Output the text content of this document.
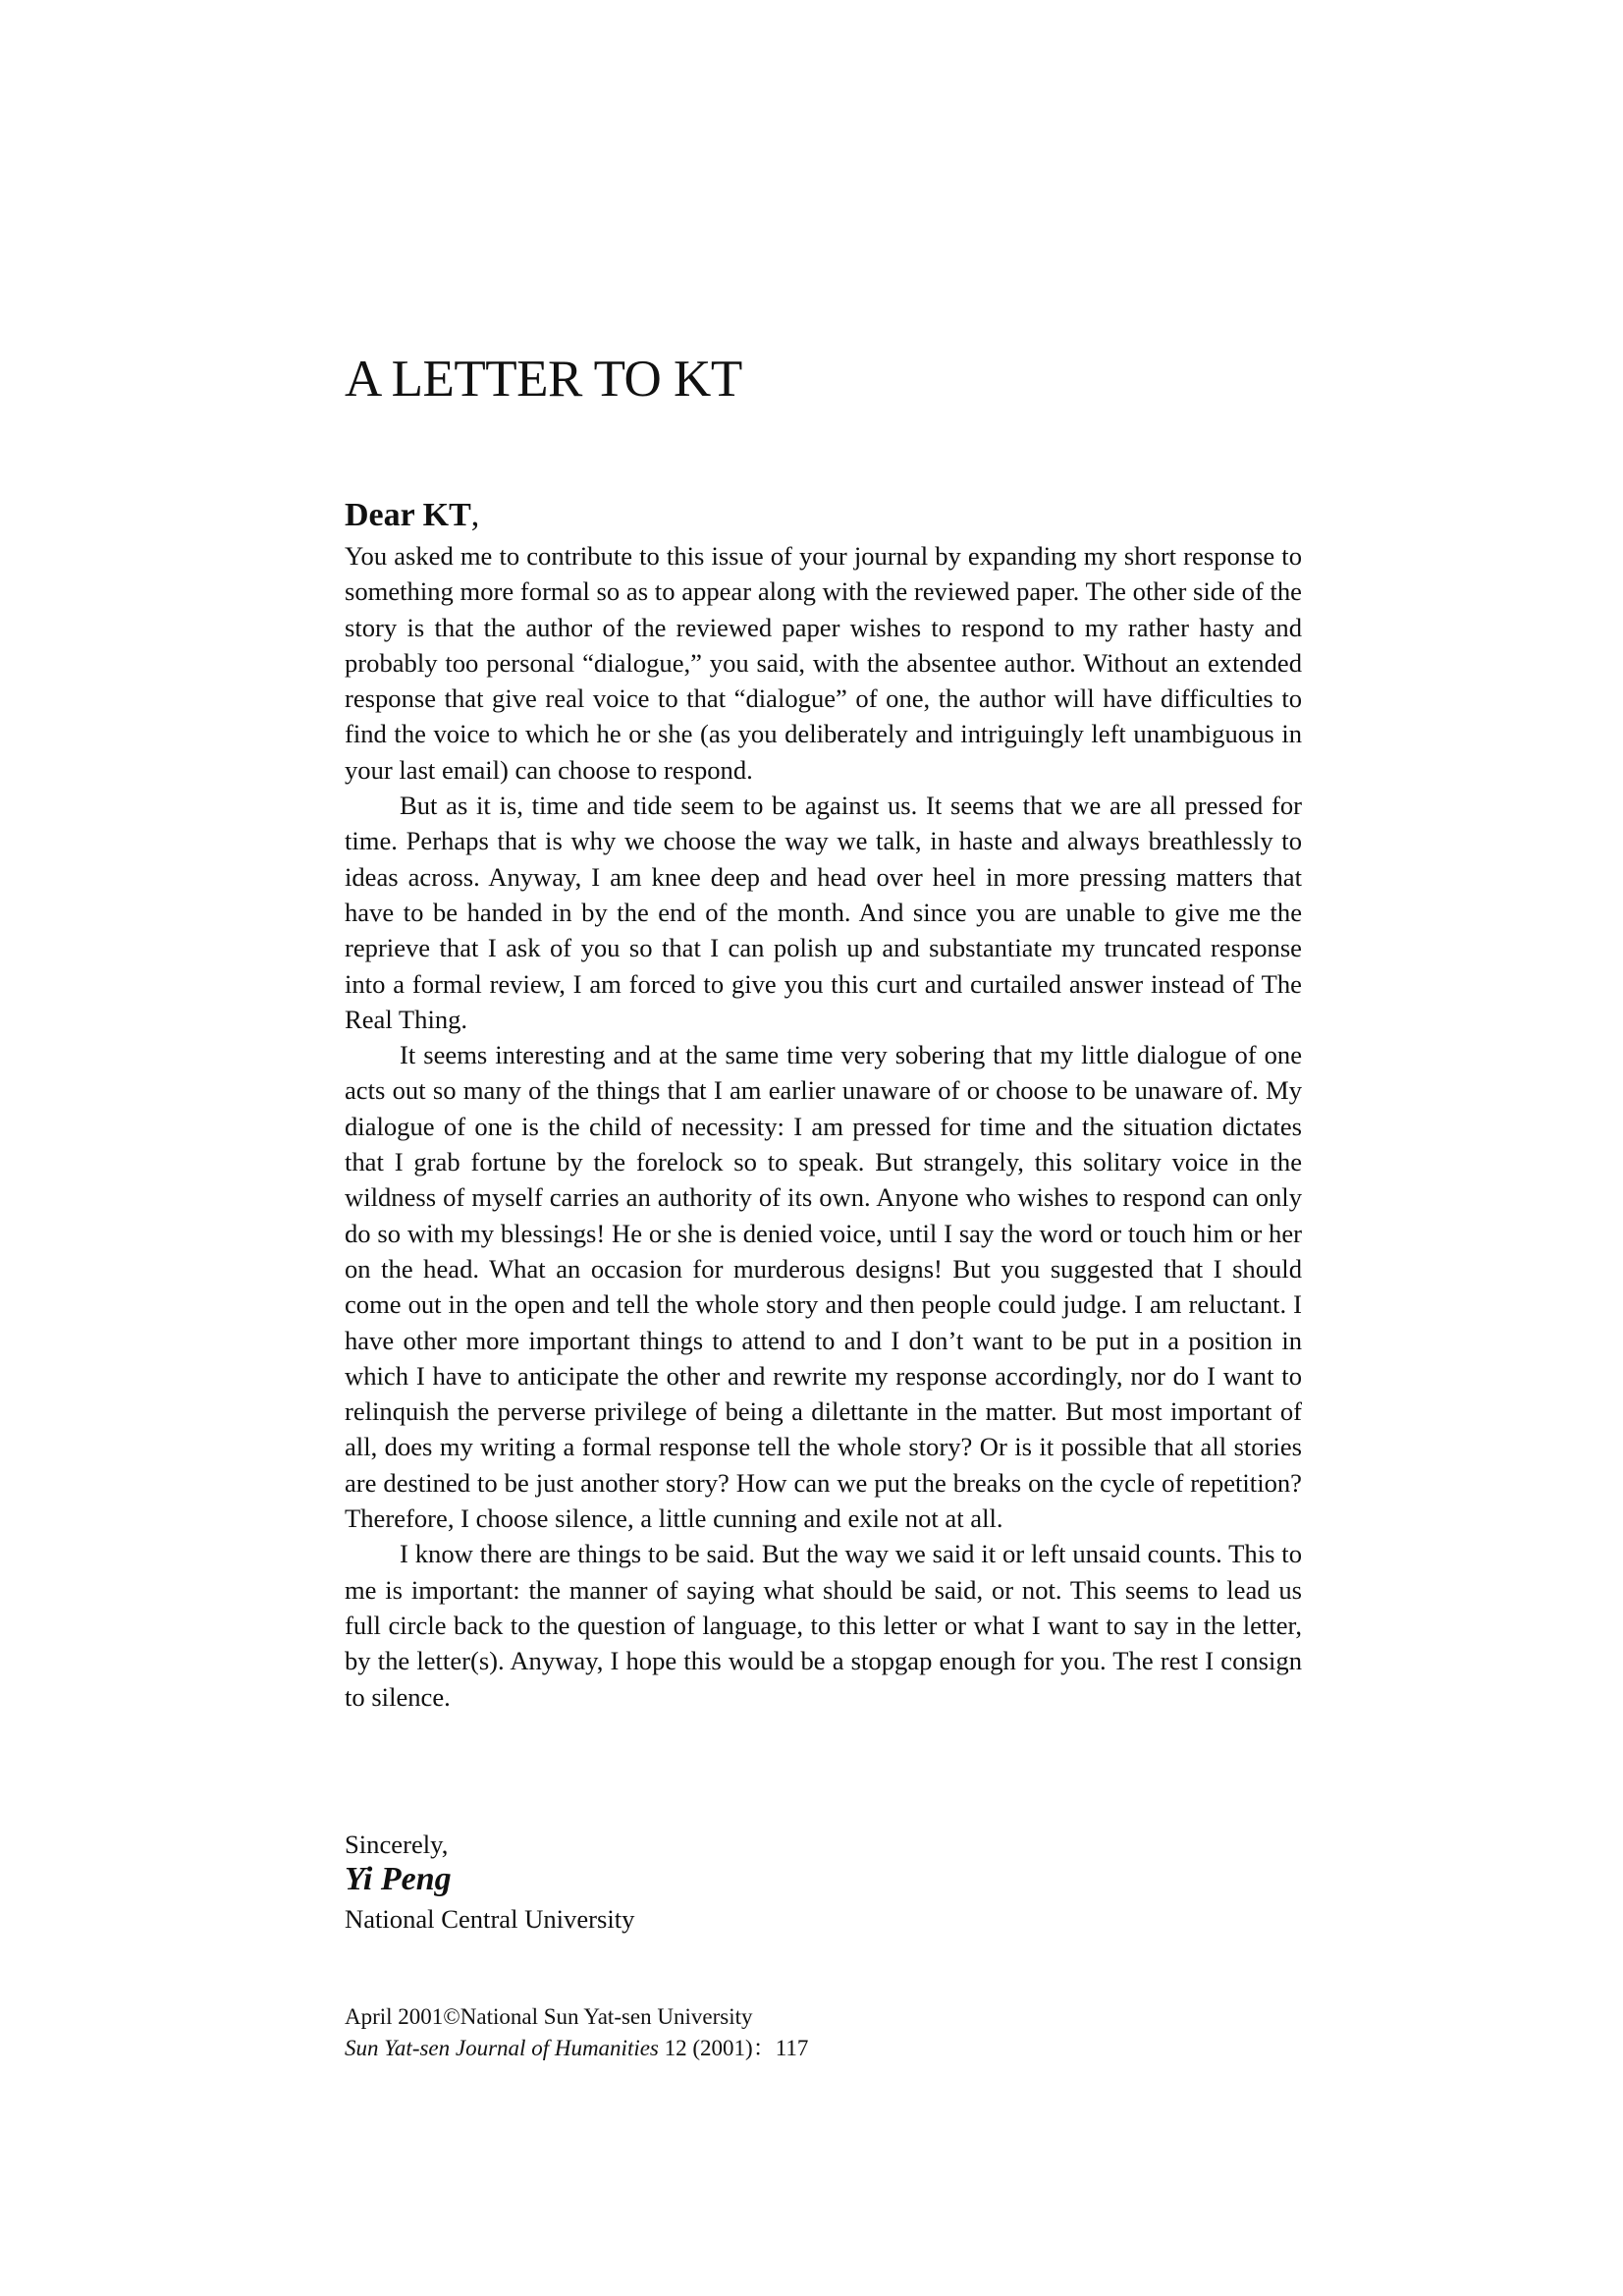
A LETTER TO KT
Dear KT,

You asked me to contribute to this issue of your journal by expanding my short response to something more formal so as to appear along with the reviewed paper. The other side of the story is that the author of the reviewed paper wishes to respond to my rather hasty and probably too personal “dialogue,” you said, with the absentee author. Without an extended response that give real voice to that “dialogue” of one, the author will have difficulties to find the voice to which he or she (as you deliberately and intriguingly left unambiguous in your last email) can choose to respond.

But as it is, time and tide seem to be against us. It seems that we are all pressed for time. Perhaps that is why we choose the way we talk, in haste and always breathlessly to ideas across. Anyway, I am knee deep and head over heel in more pressing matters that have to be handed in by the end of the month. And since you are unable to give me the reprieve that I ask of you so that I can polish up and substantiate my truncated response into a formal review, I am forced to give you this curt and curtailed answer instead of The Real Thing.

It seems interesting and at the same time very sobering that my little dialogue of one acts out so many of the things that I am earlier unaware of or choose to be unaware of. My dialogue of one is the child of necessity: I am pressed for time and the situation dictates that I grab fortune by the forelock so to speak. But strangely, this solitary voice in the wildness of myself carries an authority of its own. Anyone who wishes to respond can only do so with my blessings! He or she is denied voice, until I say the word or touch him or her on the head. What an occasion for murderous designs! But you suggested that I should come out in the open and tell the whole story and then people could judge. I am reluctant. I have other more important things to attend to and I don’t want to be put in a position in which I have to anticipate the other and rewrite my response accordingly, nor do I want to relinquish the perverse privilege of being a dilettante in the matter. But most important of all, does my writing a formal response tell the whole story? Or is it possible that all stories are destined to be just another story? How can we put the breaks on the cycle of repetition? Therefore, I choose silence, a little cunning and exile not at all.

I know there are things to be said. But the way we said it or left unsaid counts. This to me is important: the manner of saying what should be said, or not. This seems to lead us full circle back to the question of language, to this letter or what I want to say in the letter, by the letter(s). Anyway, I hope this would be a stopgap enough for you. The rest I consign to silence.

Sincerely,
Yi Peng
National Central University
April 2001©National Sun Yat-sen University
Sun Yat-sen Journal of Humanities 12 (2001)：117
